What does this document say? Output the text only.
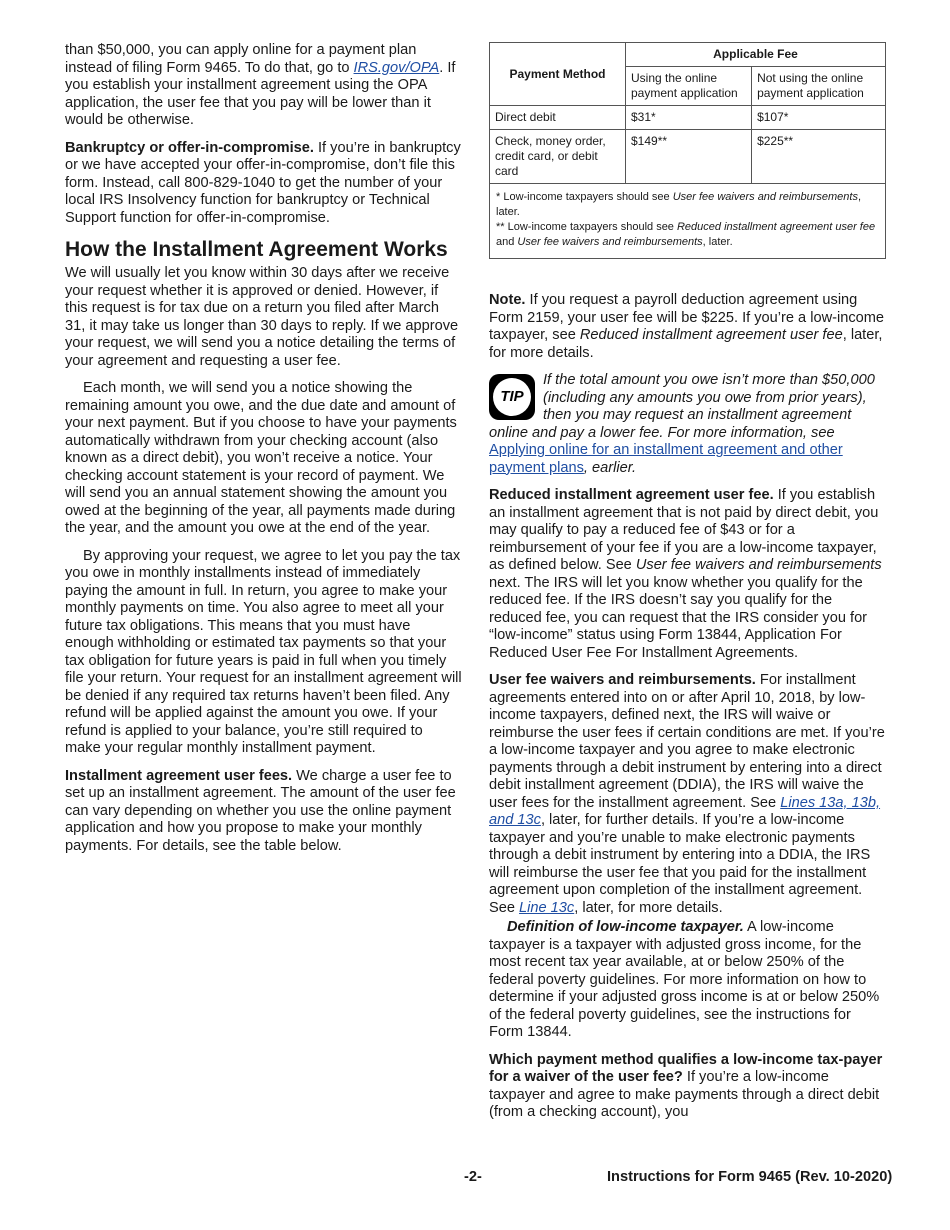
than $50,000, you can apply online for a payment plan instead of filing Form 9465. To do that, go to IRS.gov/OPA. If you establish your installment agreement using the OPA application, the user fee that you pay will be lower than it would be otherwise.

Bankruptcy or offer-in-compromise. If you’re in bankruptcy or we have accepted your offer-in-compromise, don’t file this form. Instead, call 800-829-1040 to get the number of your local IRS Insolvency function for bankruptcy or Technical Support function for offer-in-compromise.

How the Installment Agreement Works

We will usually let you know within 30 days after we receive your request whether it is approved or denied. However, if this request is for tax due on a return you filed after March 31, it may take us longer than 30 days to reply. If we approve your request, we will send you a notice detailing the terms of your agreement and requesting a user fee.

Each month, we will send you a notice showing the remaining amount you owe, and the due date and amount of your next payment. But if you choose to have your payments automatically withdrawn from your checking account (also known as a direct debit), you won’t receive a notice. Your checking account statement is your record of payment. We will send you an annual statement showing the amount you owed at the beginning of the year, all payments made during the year, and the amount you owe at the end of the year.

By approving your request, we agree to let you pay the tax you owe in monthly installments instead of immediately paying the amount in full. In return, you agree to make your monthly payments on time. You also agree to meet all your future tax obligations. This means that you must have enough withholding or estimated tax payments so that your tax obligation for future years is paid in full when you timely file your return. Your request for an installment agreement will be denied if any required tax returns haven’t been filed. Any refund will be applied against the amount you owe. If your refund is applied to your balance, you’re still required to make your regular monthly installment payment.

Installment agreement user fees. We charge a user fee to set up an installment agreement. The amount of the user fee can vary depending on whether you use the online payment application and how you propose to make your monthly payments. For details, see the table below.

Payment Method	Applicable Fee	
	Using the online payment application	Not using the online payment application
Direct debit	$31*	$107*
Check, money order, credit card, or debit card	$149**	$225**

* Low-income taxpayers should see User fee waivers and reimbursements, later.
** Low-income taxpayers should see Reduced installment agreement user fee and User fee waivers and reimbursements, later.		

Note. If you request a payroll deduction agreement using Form 2159, your user fee will be $225. If you’re a low-income taxpayer, see Reduced installment agreement user fee, later, for more details.

TIP
If the total amount you owe isn’t more than $50,000 (including any amounts you owe from prior years), then you may request an installment agreement online and pay a lower fee. For more information, see Applying online for an installment agreement and other payment plans, earlier.

Reduced installment agreement user fee. If you establish an installment agreement that is not paid by direct debit, you may qualify to pay a reduced fee of $43 or for a reimbursement of your fee if you are a low-income taxpayer, as defined below. See User fee waivers and reimbursements next. The IRS will let you know whether you qualify for the reduced fee. If the IRS doesn’t say you qualify for the reduced fee, you can request that the IRS consider you for “low-income” status using Form 13844, Application For Reduced User Fee For Installment Agreements.

User fee waivers and reimbursements. For installment agreements entered into on or after April 10, 2018, by low-income taxpayers, defined next, the IRS will waive or reimburse the user fees if certain conditions are met. If you’re a low-income taxpayer and you agree to make electronic payments through a debit instrument by entering into a direct debit installment agreement (DDIA), the IRS will waive the user fees for the installment agreement. See Lines 13a, 13b, and 13c, later, for further details. If you’re a low-income taxpayer and you’re unable to make electronic payments through a debit instrument by entering into a DDIA, the IRS will reimburse the user fee that you paid for the installment agreement upon completion of the installment agreement. See Line 13c, later, for more details.

Definition of low-income taxpayer. A low-income taxpayer is a taxpayer with adjusted gross income, for the most recent tax year available, at or below 250% of the federal poverty guidelines. For more information on how to determine if your adjusted gross income is at or below 250% of the federal poverty guidelines, see the instructions for Form 13844.

Which payment method qualifies a low-income tax-payer for a waiver of the user fee? If you’re a low-income taxpayer and agree to make payments through a direct debit (from a checking account), you

-2-	Instructions for Form 9465 (Rev. 10-2020)
